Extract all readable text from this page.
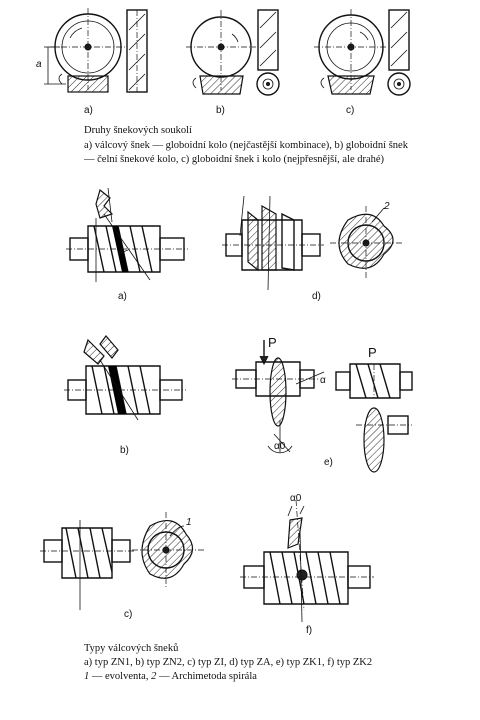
a)	b)	c)
a
Druhy šnekových soukolí
a) válcový šnek — globoidní kolo (nejčastější kombinace), b) globoidní šnek
— čelní šnekové kolo, c) globoidní šnek i kolo (nejpřesnější, ale drahé)
a)	d)
b)
e)
c)
f)
P
P
α
α0
α0
1
2
Typy válcových šneků
a) typ ZN1, b) typ ZN2, c) typ ZI, d) typ ZA, e) typ ZK1, f) typ ZK2
1 — evolventa, 2 — Archimetoda spirála
